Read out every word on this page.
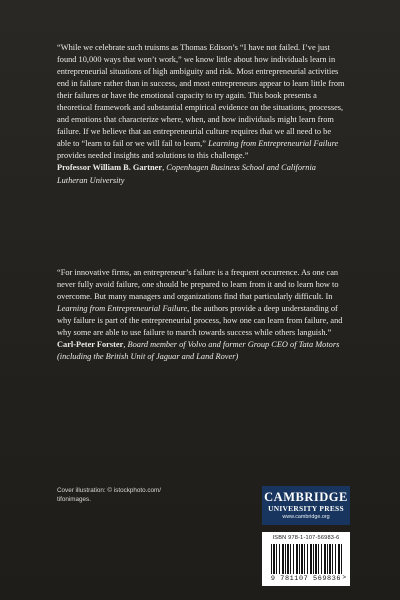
“While we celebrate such truisms as Thomas Edison’s “I have not failed. I’ve just found 10,000 ways that won’t work,” we know little about how individuals learn in entrepreneurial situations of high ambiguity and risk. Most entrepreneurial activities end in failure rather than in success, and most entrepreneurs appear to learn little from their failures or have the emotional capacity to try again. This book presents a theoretical framework and substantial empirical evidence on the situations, processes, and emotions that characterize where, when, and how individuals might learn from failure. If we believe that an entrepreneurial culture requires that we all need to be able to “learn to fail or we will fail to learn,” Learning from Entrepreneurial Failure provides needed insights and solutions to this challenge.”

Professor William B. Gartner, Copenhagen Business School and California Lutheran University

“For innovative firms, an entrepreneur’s failure is a frequent occurrence. As one can never fully avoid failure, one should be prepared to learn from it and to learn how to overcome. But many managers and organizations find that particularly difficult. In Learning from Entrepreneurial Failure, the authors provide a deep understanding of why failure is part of the entrepreneurial process, how one can learn from failure, and why some are able to use failure to march towards success while others languish.”

Carl-Peter Forster, Board member of Volvo and former Group CEO of Tata Motors (including the British Unit of Jaguar and Land Rover)

Cover illustration: © istockphoto.com/
tifonimages.	CAMBRIDGE
UNIVERSITY PRESS
www.cambridge.org
ISBN 978-1-107-56983-6
9 781107 569836 >
